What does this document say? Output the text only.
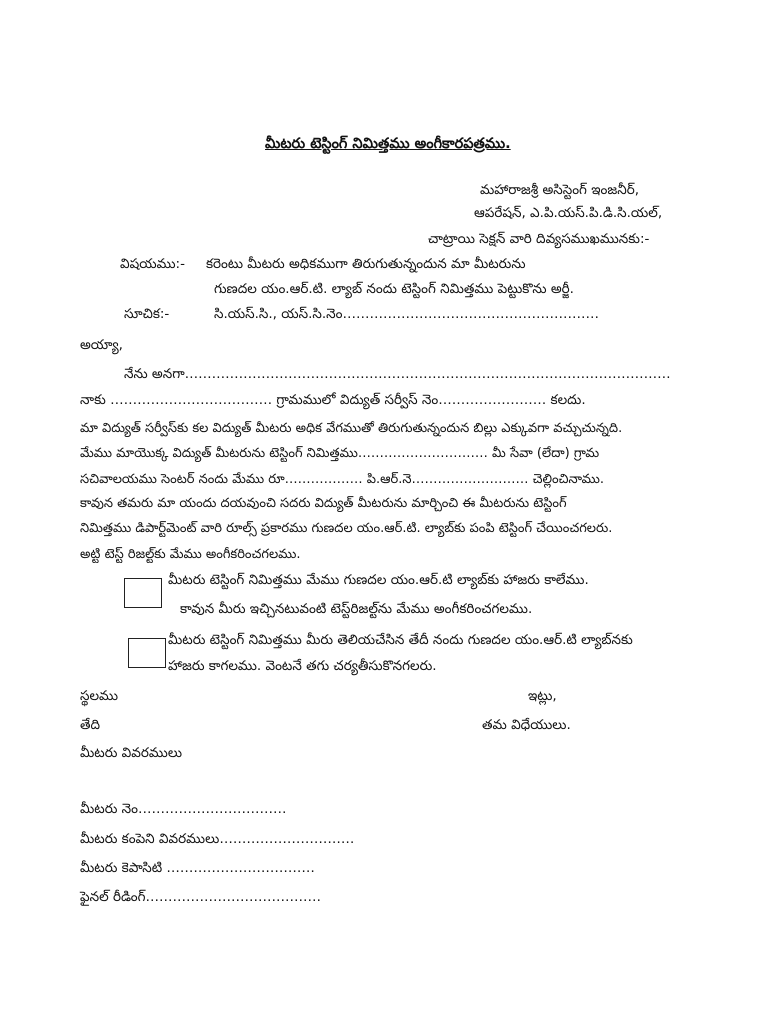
మీటరు టెస్టింగ్ నిమిత్తము అంగీకారపత్రము.
మహారాజశ్రీ అసిస్టెంగ్ ఇంజనీర్,
ఆపరేషన్, ఎ.పి.యస్.పి.డి.సి.యల్,
చాట్రాయి సెక్షన్ వారి దివ్యసముఖమునకు:-
విషయము:- కరెంటు మీటరు అధికముగా తిరుగుతున్నందున మా మీటరును
గుణదల యం.ఆర్.టి. ల్యాబ్ నందు టెస్టింగ్ నిమిత్తము పెట్టుకొను అర్జీ.
సూచిక:-	సి.యస్.సి., యస్.సి.నెం…………………………………………………
అయ్యా,
నేను అనగా………………………………………………………………………………………………
నాకు ……………………………… గ్రామములో విద్యుత్ సర్వీస్ నెం…………………… కలదు.
మా విద్యుత్ సర్వీస్‌కు కల విద్యుత్ మీటరు అధిక వేగముతో తిరుగుతున్నందున బిల్లు ఎక్కువగా వచ్చుచున్నది.
మేము మాయొక్క విద్యుత్ మీటరును టెస్టింగ్ నిమిత్తము………………………… మీ సేవా (లేదా) గ్రామ
సచివాలయము సెంటర్ నందు మేము రూ……………… పి.ఆర్.నె……………………… చెల్లించినాము.
కావున తమరు మా యందు దయవుంచి సదరు విద్యుత్ మీటరును మార్చించి ఈ మీటరును టెస్టింగ్
నిమిత్తము డిపార్ట్‌మెంట్ వారి రూల్స్ ప్రకారము గుణదల యం.ఆర్.టి. ల్యాబ్‌కు పంపి టెస్టింగ్ చేయించగలరు.
అట్టి టెస్ట్ రిజల్ట్‌కు మేము అంగీకరించగలము.
మీటరు టెస్టింగ్ నిమిత్తము మేము గుణదల యం.ఆర్.టి ల్యాబ్‌కు హాజరు కాలేము.
కావున మీరు ఇచ్చినటువంటి టెస్ట్‌రిజల్ట్‌ను మేము అంగీకరించగలము.
మీటరు టెస్టింగ్ నిమిత్తము మీరు తెలియచేసిన తేదీ నందు గుణదల యం.ఆర్.టి ల్యాబ్‌నకు
హాజరు కాగలము. వెంటనే తగు చర్యతీసుకొనగలరు.
స్థలము	ఇట్లు,
తేది	తమ విధేయులు.
మీటరు వివరములు
మీటరు నెం……………………………
మీటరు కంపెని వివరములు…………………………
మీటరు కెపాసిటి ……………………………
ఫైనల్ రీడింగ్…………………………………
